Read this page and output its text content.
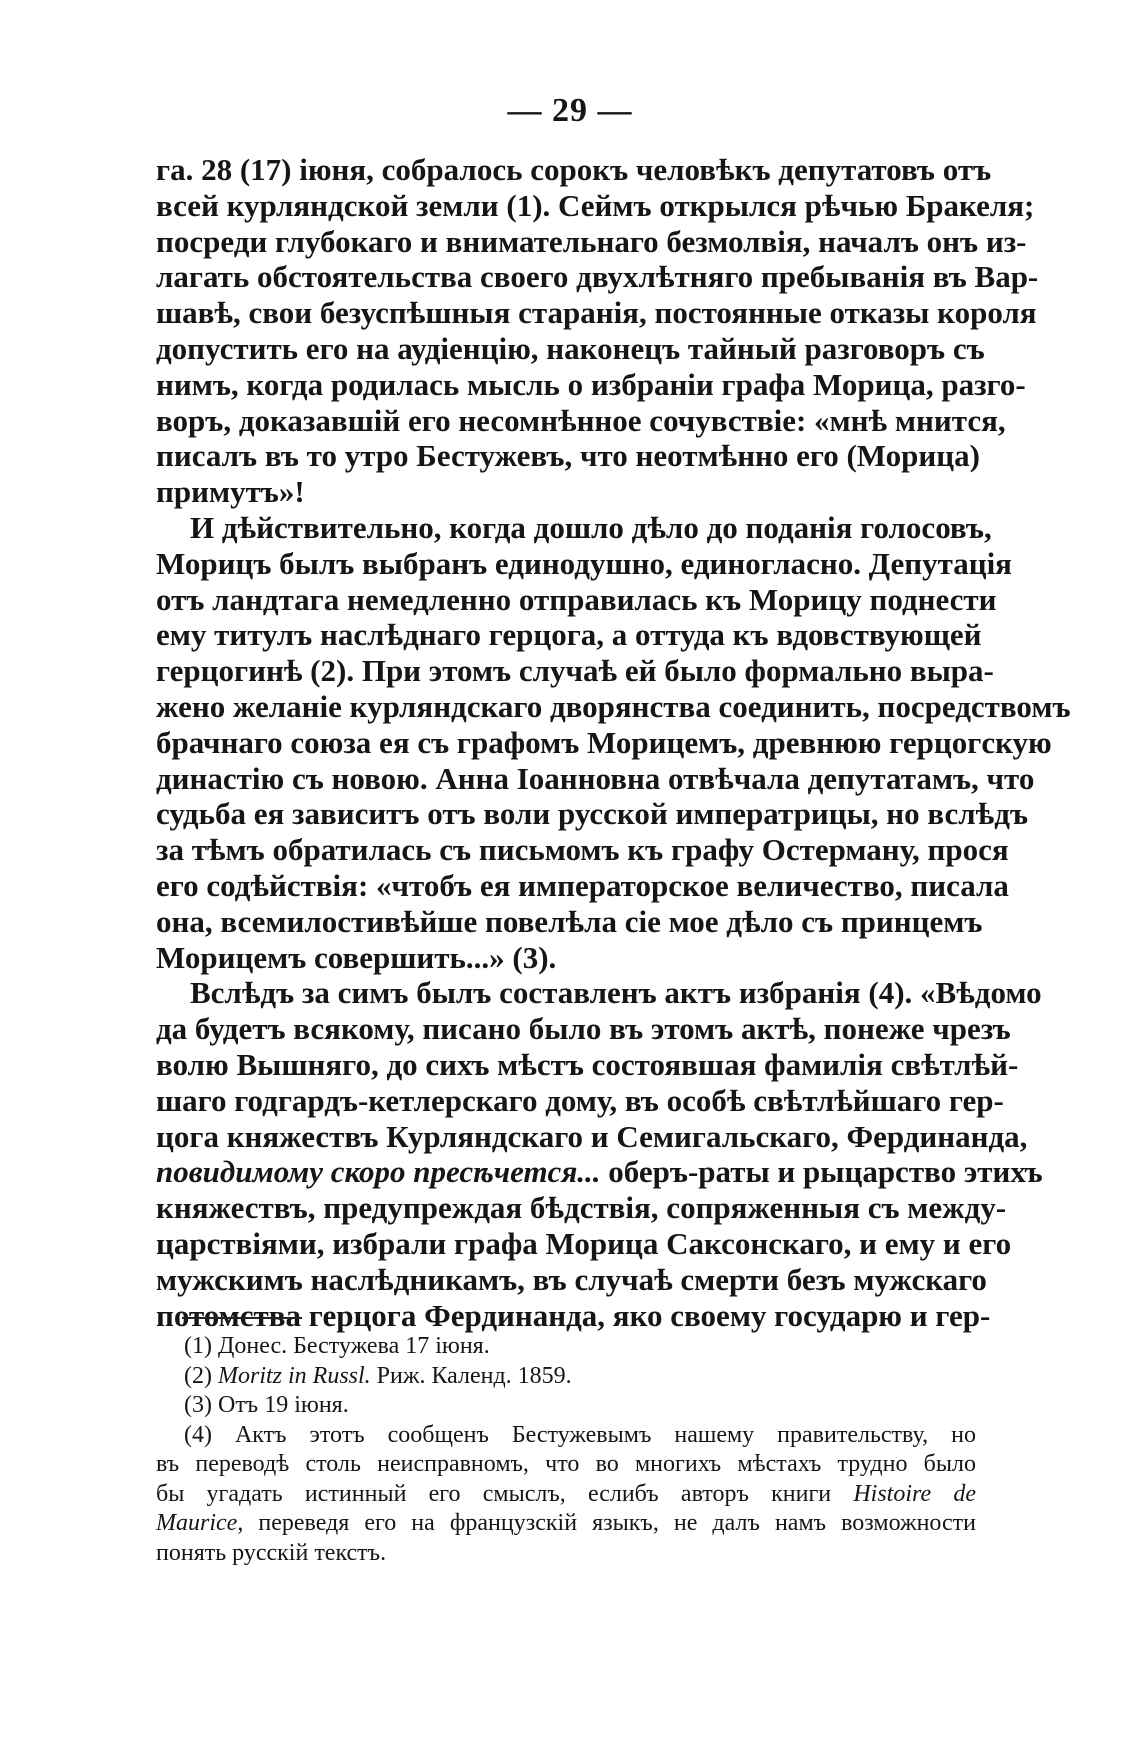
— 29 —
га. 28 (17) іюня, собралось сорокъ человѣкъ депутатовъ отъ
всей курляндской земли (1). Сеймъ открылся рѣчью Бракеля;
посреди глубокаго и внимательнаго безмолвія, началъ онъ из-
лагать обстоятельства своего двухлѣтняго пребыванія въ Вар-
шавѣ, свои безуспѣшныя старанія, постоянные отказы короля
допустить его на аудіенцію, наконецъ тайный разговоръ съ
нимъ, когда родилась мысль о избраніи графа Морица, разго-
воръ, доказавшій его несомнѣнное сочувствіе: «мнѣ мнится,
писалъ въ то утро Бестужевъ, что неотмѣнно его (Морица)
примутъ»!
И дѣйствительно, когда дошло дѣло до поданія голосовъ,
Морицъ былъ выбранъ единодушно, единогласно. Депутація
отъ ландтага немедленно отправилась къ Морицу поднести
ему титулъ наслѣднаго герцога, а оттуда къ вдовствующей
герцогинѣ (2). При этомъ случаѣ ей было формально выра-
жено желаніе курляндскаго дворянства соединить, посредствомъ
брачнаго союза ея съ графомъ Морицемъ, древнюю герцогскую
династію съ новою. Анна Іоанновна отвѣчала депутатамъ, что
судьба ея зависитъ отъ воли русской императрицы, но вслѣдъ
за тѣмъ обратилась съ письмомъ къ графу Остерману, прося
его содѣйствія: «чтобъ ея императорское величество, писала
она, всемилостивѣйше повелѣла сіе мое дѣло съ принцемъ
Морицемъ совершить...» (3).
Вслѣдъ за симъ былъ составленъ актъ избранія (4). «Вѣдомо
да будетъ всякому, писано было въ этомъ актѣ, понеже чрезъ
волю Вышняго, до сихъ мѣстъ состоявшая фамилія свѣтлѣй-
шаго годгардъ-кетлерскаго дому, въ особѣ свѣтлѣйшаго гер-
цога княжествъ Курляндскаго и Семигальскаго, Фердинанда,
повидимому скоро пресѣчется... оберъ-раты и рыцарство этихъ
княжествъ, предупреждая бѣдствія, сопряженныя съ между-
царствіями, избрали графа Морица Саксонскаго, и ему и его
мужскимъ наслѣдникамъ, въ случаѣ смерти безъ мужскаго
потомства герцога Фердинанда, яко своему государю и гер-
(1) Донес. Бестужева 17 іюня.
(2) Moritz in Russl. Риж. Календ. 1859.
(3) Отъ 19 іюня.
(4) Актъ этотъ сообщенъ Бестужевымъ нашему правительству, но
въ переводѣ столь неисправномъ, что во многихъ мѣстахъ трудно было
бы угадать истинный его смыслъ, еслибъ авторъ книги Histoire de
Maurice, переведя его на французскій языкъ, не далъ намъ возможности
понять русскій текстъ.
